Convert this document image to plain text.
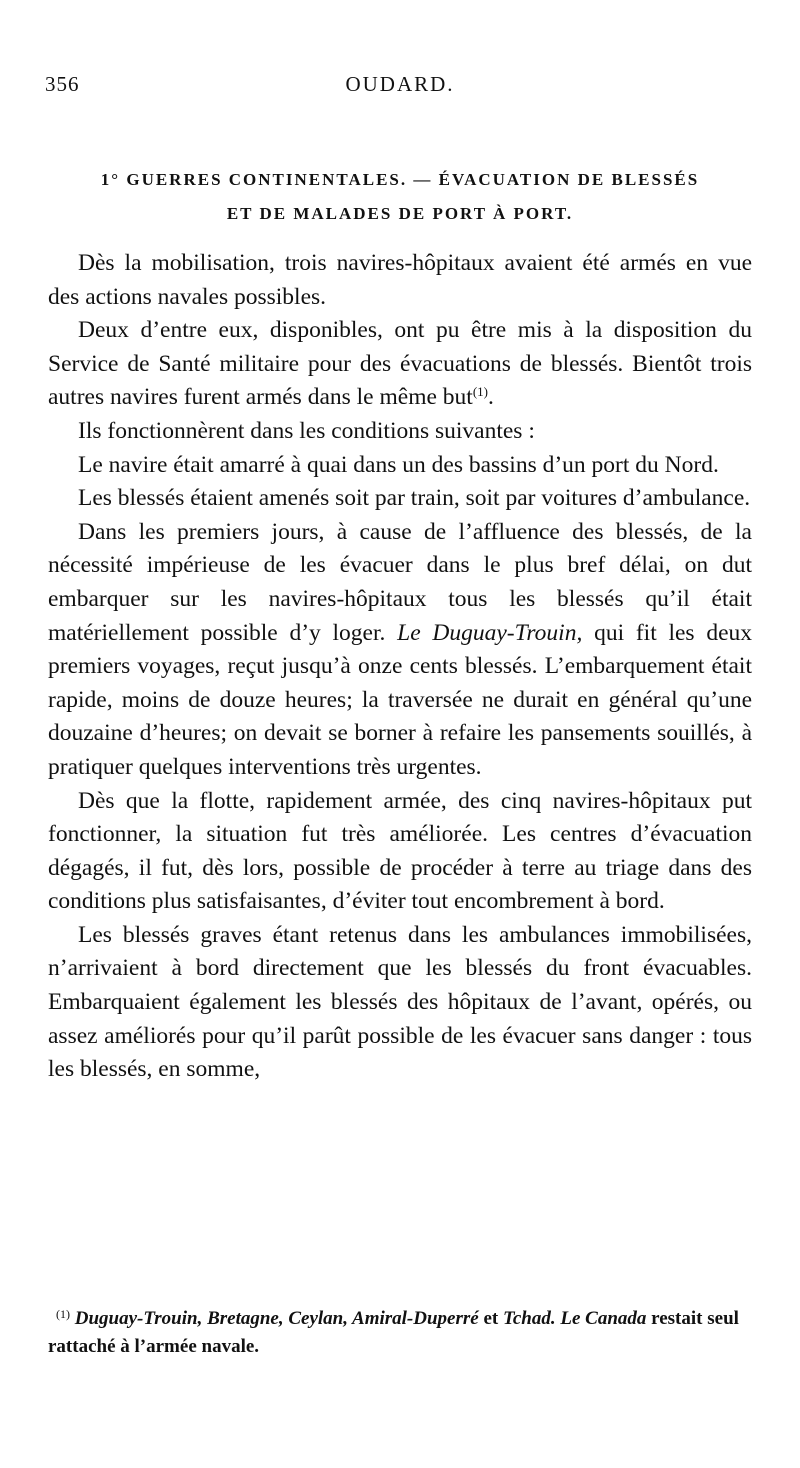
356	OUDARD.
1° GUERRES CONTINENTALES. — ÉVACUATION DE BLESSÉS
ET DE MALADES DE PORT À PORT.

Dès la mobilisation, trois navires-hôpitaux avaient été armés en vue des actions navales possibles.

Deux d’entre eux, disponibles, ont pu être mis à la disposition du Service de Santé militaire pour des évacuations de blessés. Bientôt trois autres navires furent armés dans le même but$^{(1)}$.

Ils fonctionnèrent dans les conditions suivantes :

Le navire était amarré à quai dans un des bassins d’un port du Nord.

Les blessés étaient amenés soit par train, soit par voitures d’ambulance.

Dans les premiers jours, à cause de l’affluence des blessés, de la nécessité impérieuse de les évacuer dans le plus bref délai, on dut embarquer sur les navires-hôpitaux tous les blessés qu’il était matériellement possible d’y loger. Le Duguay-Trouin, qui fit les deux premiers voyages, reçut jusqu’à onze cents blessés. L’embarquement était rapide, moins de douze heures; la traversée ne durait en général qu’une douzaine d’heures; on devait se borner à refaire les pansements souillés, à pratiquer quelques interventions très urgentes.

Dès que la flotte, rapidement armée, des cinq navires-hôpitaux put fonctionner, la situation fut très améliorée. Les centres d’évacuation dégagés, il fut, dès lors, possible de procéder à terre au triage dans des conditions plus satisfaisantes, d’éviter tout encombrement à bord.

Les blessés graves étant retenus dans les ambulances immobilisées, n’arrivaient à bord directement que les blessés du front évacuables. Embarquaient également les blessés des hôpitaux de l’avant, opérés, ou assez améliorés pour qu’il parût possible de les évacuer sans danger : tous les blessés, en somme,

$^{(1)}$ Duguay-Trouin, Bretagne, Ceylan, Amiral-Duperré et Tchad. Le Canada restait seul rattaché à l’armée navale.
